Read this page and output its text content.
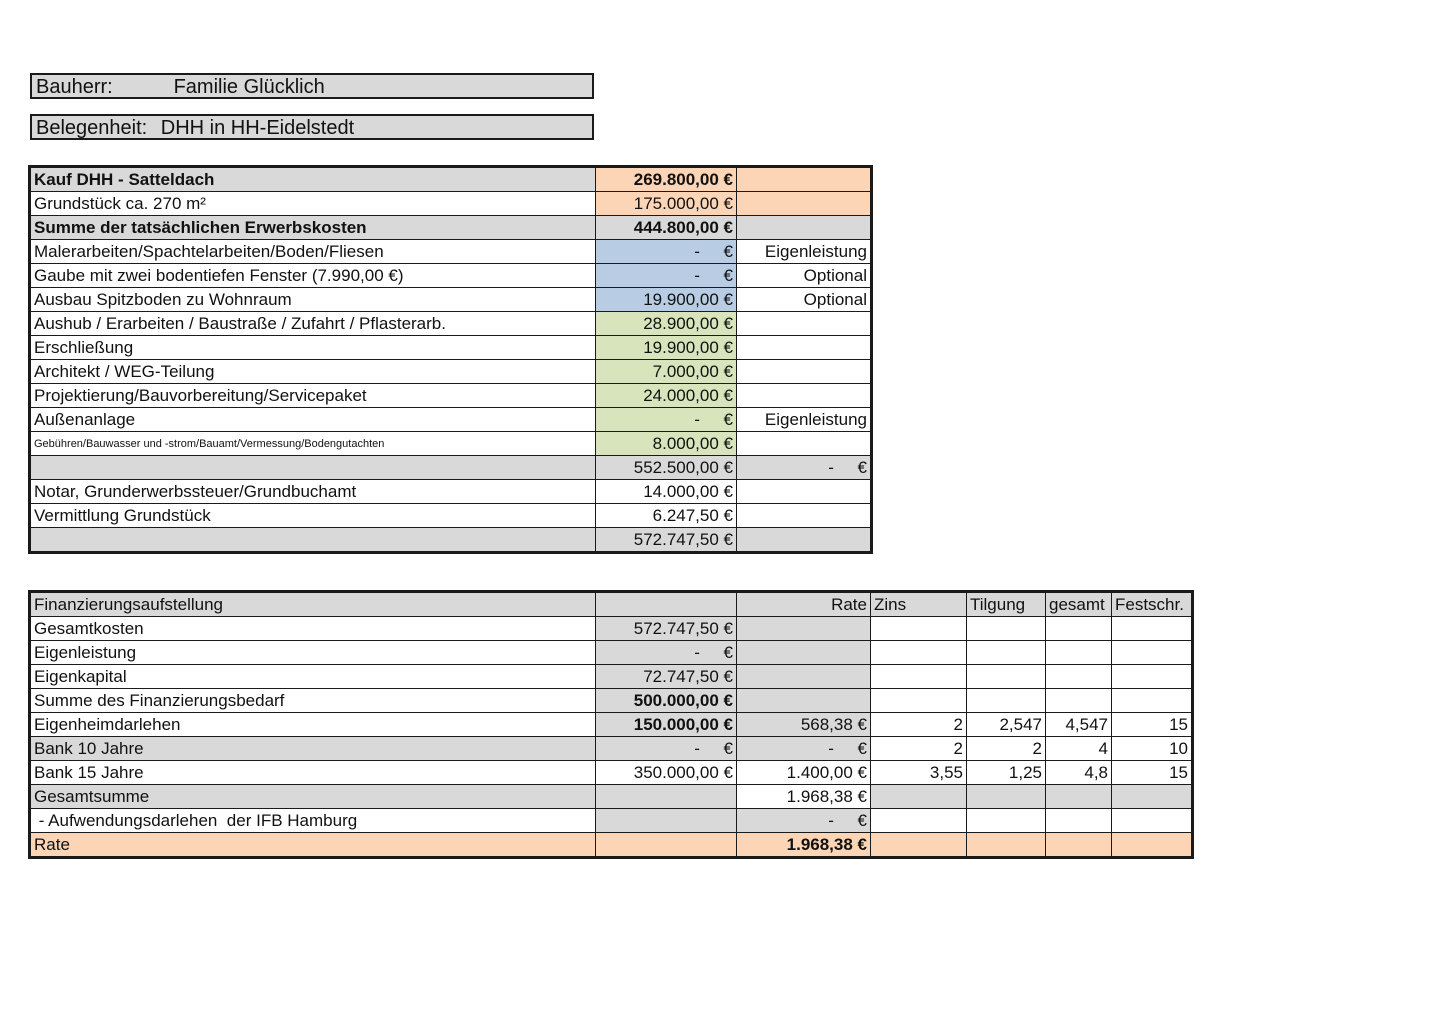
Bauherr:	Familie Glücklich
Belegenheit: DHH in HH-Eidelstedt
Kauf DHH - Satteldach	269.800,00 €	
Grundstück ca. 270 m²	175.000,00 €	
Summe der tatsächlichen Erwerbskosten	444.800,00 €	
Malerarbeiten/Spachtelarbeiten/Boden/Fliesen	-     €	Eigenleistung
Gaube mit zwei bodentiefen Fenster (7.990,00 €)	-     €	Optional
Ausbau Spitzboden zu Wohnraum	19.900,00 €	Optional
Aushub / Erarbeiten / Baustraße / Zufahrt / Pflasterarb.	28.900,00 €	
Erschließung	19.900,00 €	
Architekt / WEG-Teilung	7.000,00 €	
Projektierung/Bauvorbereitung/Servicepaket	24.000,00 €	
Außenanlage	-     €	Eigenleistung
Gebühren/Bauwasser und -strom/Bauamt/Vermessung/Bodengutachten	8.000,00 €	
	552.500,00 €	-     €
Notar, Grunderwerbssteuer/Grundbuchamt	14.000,00 €	
Vermittlung Grundstück	6.247,50 €	
	572.747,50 €	
Finanzierungsaufstellung		Rate	Zins	Tilgung	gesamt	Festschr.
Gesamtkosten	572.747,50 €					
Eigenleistung	-     €					
Eigenkapital	72.747,50 €					
Summe des Finanzierungsbedarf	500.000,00 €					
Eigenheimdarlehen	150.000,00 €	568,38 €	2	2,547	4,547	15
Bank 10 Jahre	-     €	-     €	2	2	4	10
Bank 15 Jahre	350.000,00 €	1.400,00 €	3,55	1,25	4,8	15
Gesamtsumme		1.968,38 €				
- Aufwendungsdarlehen  der IFB Hamburg		-     €				
Rate		1.968,38 €				
